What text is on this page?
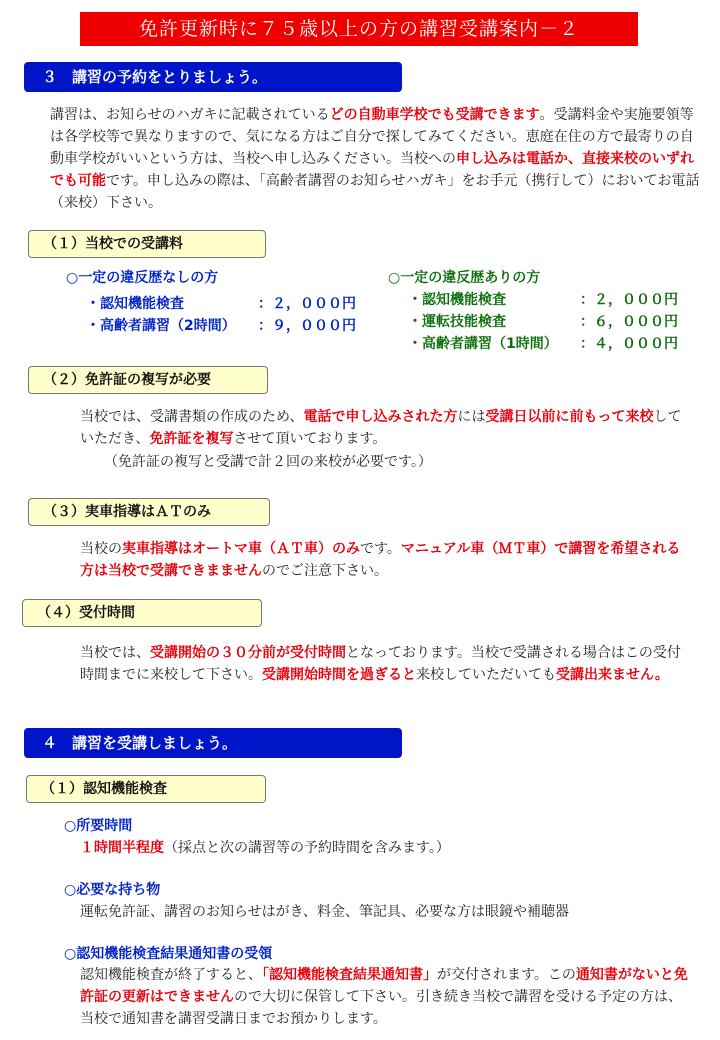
免許更新時に７５歳以上の方の講習受講案内－２
３　講習の予約をとりましょう。
講習は、お知らせのハガキに記載されているどの自動車学校でも受講できます。受講料金や実施要領等は各学校等で異なりますので、気になる方はご自分で探してみてください。恵庭在住の方で最寄りの自動車学校がいいという方は、当校へ申し込みください。当校への申し込みは電話か、直接来校のいずれでも可能です。申し込みの際は、「高齢者講習のお知らせハガキ」をお手元（携行して）においてお電話（来校）下さい。
（１）当校での受講料
○一定の違反歴なしの方
・認知機能検査	：２，０００円
・高齢者講習（2時間） ：９，０００円
○一定の違反歴ありの方
・認知機能検査	：２，０００円
・運転技能検査	：６，０００円
・高齢者講習（1時間） ：４，０００円
（２）免許証の複写が必要
当校では、受講書類の作成のため、電話で申し込みされた方には受講日以前に前もって来校していただき、免許証を複写させて頂いております。
（免許証の複写と受講で計２回の来校が必要です。）
（３）実車指導はＡＴのみ
当校の実車指導はオートマ車（ＡＴ車）のみです。マニュアル車（ＭＴ車）で講習を希望される方は当校で受講できまませんのでご注意下さい。
（４）受付時間
当校では、受講開始の３０分前が受付時間となっております。当校で受講される場合はこの受付時間までに来校して下さい。受講開始時間を過ぎると来校していただいても受講出来ません。
４　講習を受講しましょう。
（１）認知機能検査
○所要時間
１時間半程度（採点と次の講習等の予約時間を含みます。）
○必要な持ち物
運転免許証、講習のお知らせはがき、料金、筆記具、必要な方は眼鏡や補聴器
○認知機能検査結果通知書の受領
認知機能検査が終了すると、「認知機能検査結果通知書」が交付されます。この通知書がないと免許証の更新はできませんので大切に保管して下さい。引き続き当校で講習を受ける予定の方は、当校で通知書を講習受講日までお預かりします。
